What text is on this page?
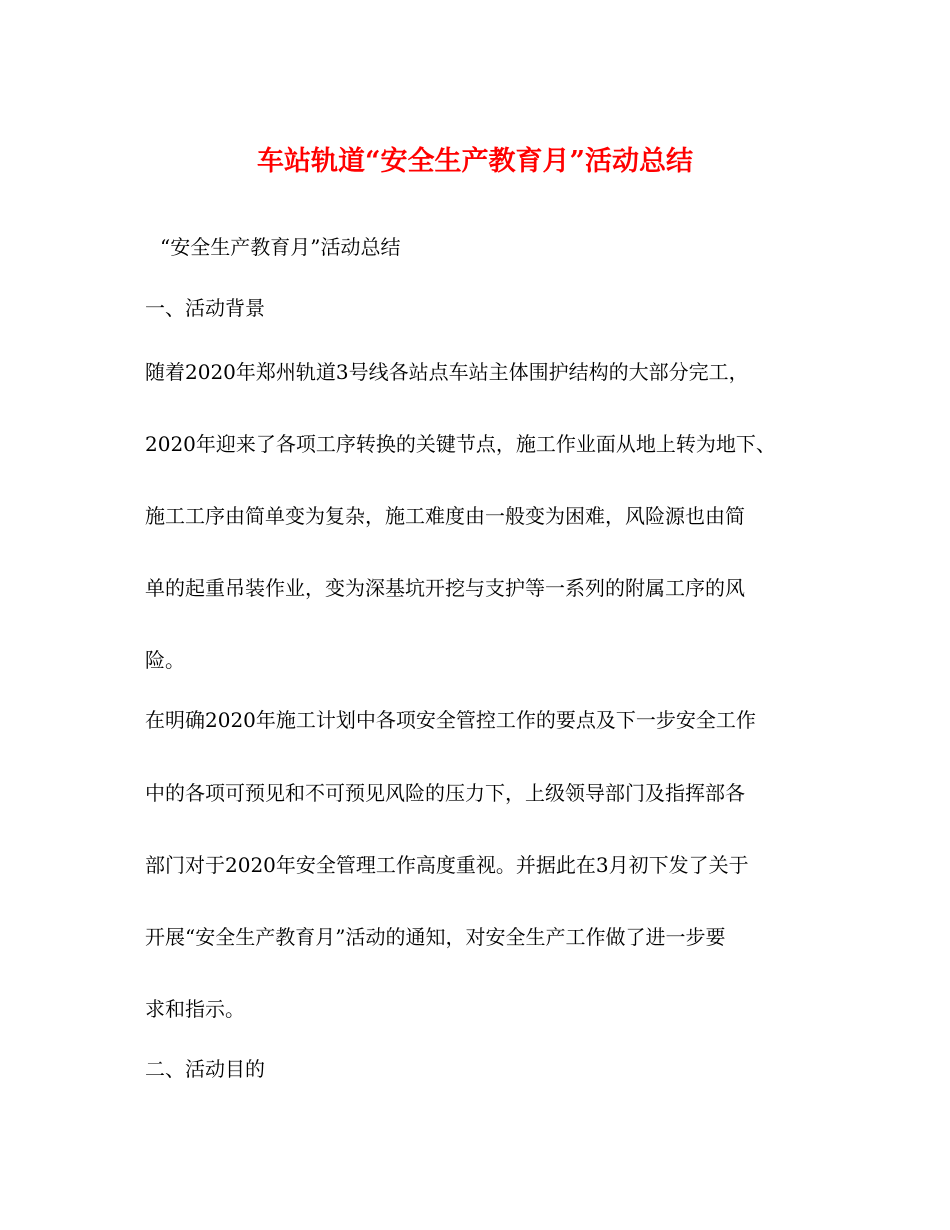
车站轨道“安全生产教育月”活动总结
“安全生产教育月”活动总结
一、活动背景
随着2020年郑州轨道3号线各站点车站主体围护结构的大部分完工，
2020年迎来了各项工序转换的关键节点，施工作业面从地上转为地下、
施工工序由简单变为复杂，施工难度由一般变为困难，风险源也由简
单的起重吊装作业，变为深基坑开挖与支护等一系列的附属工序的风
险。
在明确2020年施工计划中各项安全管控工作的要点及下一步安全工作
中的各项可预见和不可预见风险的压力下，上级领导部门及指挥部各
部门对于2020年安全管理工作高度重视。并据此在3月初下发了关于
开展“安全生产教育月”活动的通知，对安全生产工作做了进一步要
求和指示。
二、活动目的
